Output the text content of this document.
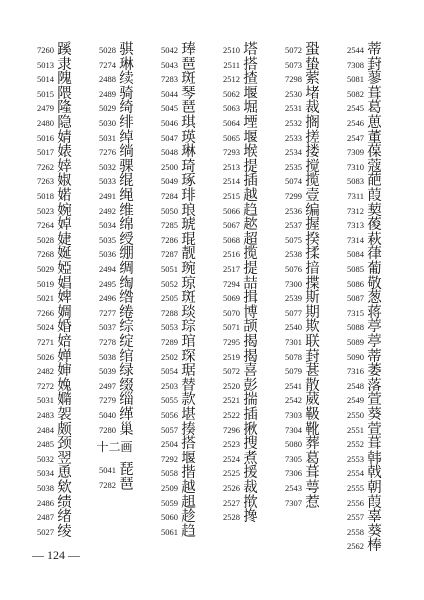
7260 蹊
5013 隶
5014 隗
5015 隈
2479 隆
2480 隐
5016 婧
5017 婊
7262 婞
7263 婌
5018 婼
5023 婉
7264 婥
5028 婕
7268 娫
5029 婭
5019 娼
5021 婢
7266 婤
5024 婚
7271 婄
5026 婵
2482 婶
7272 婏
5031 嫷
2483 袈
2484 颇
2485 颈
5032 翌
5034 恿
5038 欸
2486 绩
2487 绪
5027 绫
5028 骐
7274 琳
2488 续
2489 骑
5029 绮
5030 绯
5031 绰
7276 绱
5032 骒
5033 绲
2491 绳
2492 维
5034 绵
5035 绶
5036 绷
2494 绸
2495 绹
2496 绺
7277 绻
5037 综
7278 绽
5038 绾
5039 绿
2497 缀
7279 缁
5040 缂
7280 巢
十二画
5041 琵
7282 琶
5042 琫
5043 琶
7283 斑
5044 琴
5045 琶
5046 琪
5047 瑛
5048 琳
2500 琦
5049 琢
7284 琲
5050 琅
7285 琥
7286 琨
7287 靓
5051 琬
5052 琼
2505 斑
7288 琰
5053 琮
7289 琯
2502 琛
5054 琚
2503 替
5055 款
5056 堪
5057 揍
2504 搭
7292 堰
5058 揩
2509 越
5059 趄
5060 趁
5061 趋
2510 塔
2511 搭
2512 揸
5062 堰
5063 堀
5064 堙
5065 堰
7293 堠
2513 提
2514 插
2515 越
5066 趋
5067 趑
5068 超
2516 揽
2517 提
7294 喆
5069 揖
5070 博
5071 颉
7295 揭
2519 揭
5072 喜
2520 彭
2521 揣
2522 插
7296 揪
2523 搜
2524 煮
2525 援
2526 裁
2527 揿
2528 搀
5072 蛩
5073 蛰
7298 萦
2530 堵
2531 裁
2532 搁
2533 搓
2534 搂
2535 搅
5074 揽
7299 壹
2536 编
2537 握
5075 揆
2538 揉
5076 揞
7300 揲
2539 斯
5077 期
2540 欺
7301 联
5078 葑
5079 葚
2541 散
2542 葳
7303 靸
7304 靴
5080 葬
7305 葛
7306 葺
2543 萼
7307 惹
2544 蒂
7308 葑
5081 蓼
5082 葺
2545 葛
2546 葸
2547 董
7309 葆
7310 蔻
5083 葩
7311 葭
7312 葜
7313 葰
7314 萩
5084 葎
5085 葡
5086 敬
5087 葱
7315 蒋
5088 葶
5089 葶
5090 蒂
7316 萎
2548 落
2549 萱
2550 葵
2551 萱
2552 葺
2553 韩
2554 戟
2555 朝
2556 葭
2557 辜
2558 葵
2562 棒
— 124 —
